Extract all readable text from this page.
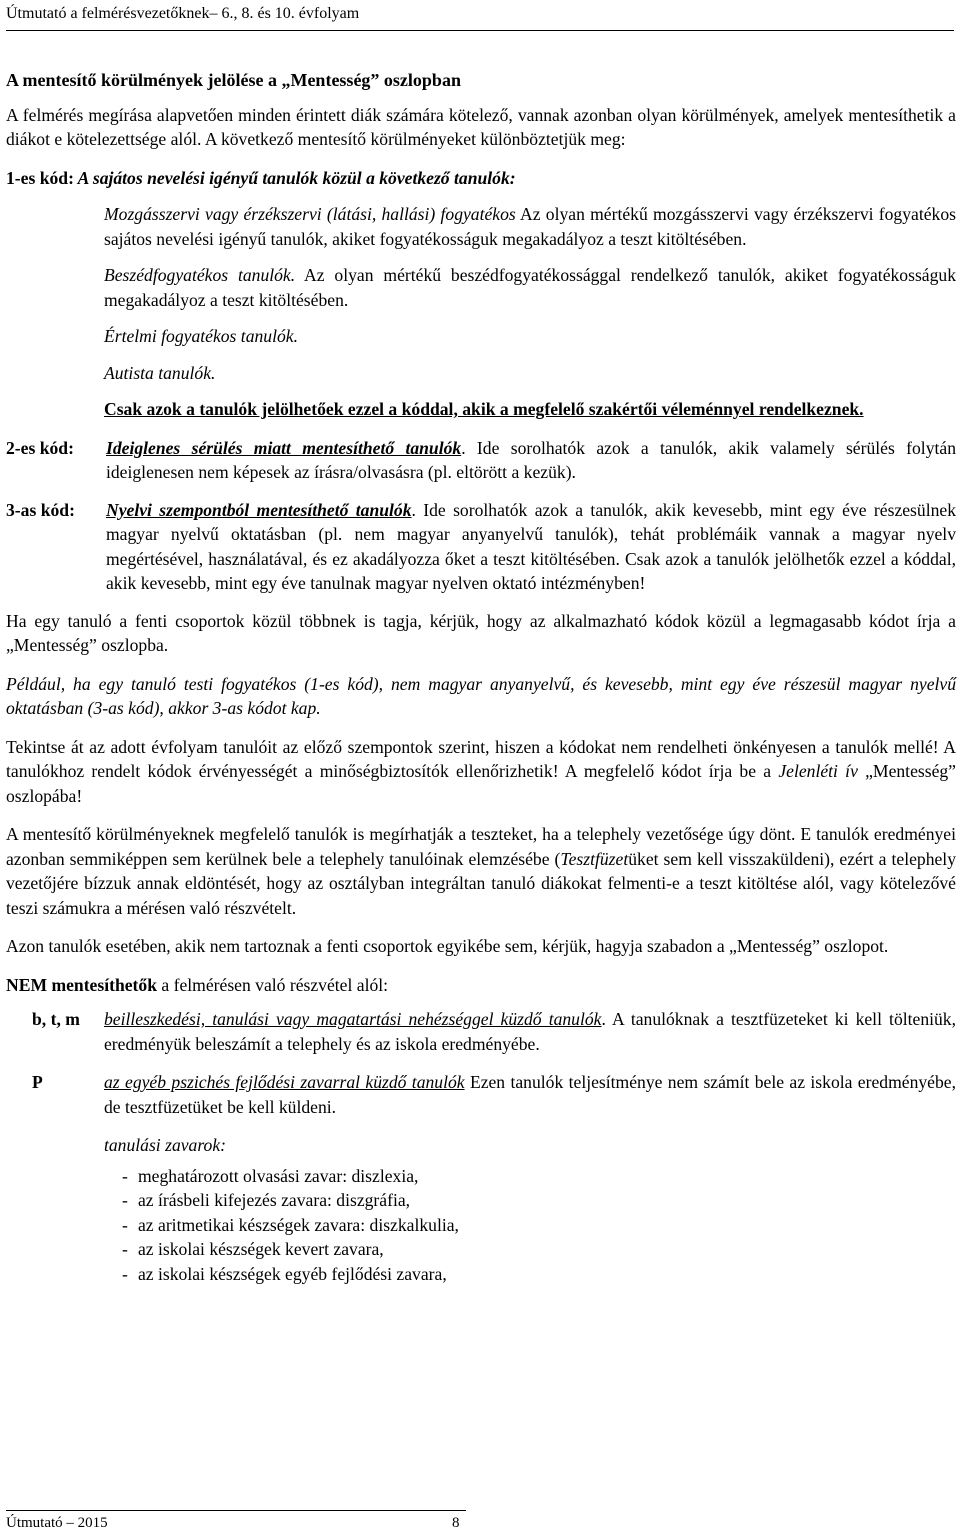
Útmutató a felmérésvezetőknek– 6., 8. és 10. évfolyam
A mentesítő körülmények jelölése a „Mentesség” oszlopban

A felmérés megírása alapvetően minden érintett diák számára kötelező, vannak azonban olyan körülmények, amelyek mentesíthetik a diákot e kötelezettsége alól. A következő mentesítő körülményeket különböztetjük meg:

1-es kód: A sajátos nevelési igényű tanulók közül a következő tanulók:
Mozgásszervi vagy érzékszervi (látási, hallási) fogyatékos Az olyan mértékű mozgásszervi vagy érzékszervi fogyatékos sajátos nevelési igényű tanulók, akiket fogyatékosságuk megakadályoz a teszt kitöltésében.
Beszédfogyatékos tanulók. Az olyan mértékű beszédfogyatékossággal rendelkező tanulók, akiket fogyatékosságuk megakadályoz a teszt kitöltésében.
Értelmi fogyatékos tanulók.
Autista tanulók.
Csak azok a tanulók jelölhetőek ezzel a kóddal, akik a megfelelő szakértői véleménnyel rendelkeznek.
2-es kód: Ideiglenes sérülés miatt mentesíthető tanulók. Ide sorolhatók azok a tanulók, akik valamely sérülés folytán ideiglenesen nem képesek az írásra/olvasásra (pl. eltörött a kezük).
3-as kód: Nyelvi szempontból mentesíthető tanulók. Ide sorolhatók azok a tanulók, akik kevesebb, mint egy éve részesülnek magyar nyelvű oktatásban (pl. nem magyar anyanyelvű tanulók), tehát problémáik vannak a magyar nyelv megértésével, használatával, és ez akadályozza őket a teszt kitöltésében. Csak azok a tanulók jelölhetők ezzel a kóddal, akik kevesebb, mint egy éve tanulnak magyar nyelven oktató intézményben!

Ha egy tanuló a fenti csoportok közül többnek is tagja, kérjük, hogy az alkalmazható kódok közül a legmagasabb kódot írja a „Mentesség” oszlopba.

Például, ha egy tanuló testi fogyatékos (1-es kód), nem magyar anyanyelvű, és kevesebb, mint egy éve részesül magyar nyelvű oktatásban (3-as kód), akkor 3-as kódot kap.

Tekintse át az adott évfolyam tanulóit az előző szempontok szerint, hiszen a kódokat nem rendelheti önkényesen a tanulók mellé! A tanulókhoz rendelt kódok érvényességét a minőségbiztosítók ellenőrizhetik! A megfelelő kódot írja be a Jelenléti ív „Mentesség” oszlopába!

A mentesítő körülményeknek megfelelő tanulók is megírhatják a teszteket, ha a telephely vezetősége úgy dönt. E tanulók eredményei azonban semmiképpen sem kerülnek bele a telephely tanulóinak elemzésébe (Tesztfüzetüket sem kell visszaküldeni), ezért a telephely vezetőjére bízzuk annak eldöntését, hogy az osztályban integráltan tanuló diákokat felmenti-e a teszt kitöltése alól, vagy kötelezővé teszi számukra a mérésen való részvételt.

Azon tanulók esetében, akik nem tartoznak a fenti csoportok egyikébe sem, kérjük, hagyja szabadon a „Mentesség” oszlopot.

NEM mentesíthetők a felmérésen való részvétel alól:
b, t, m beilleszkedési, tanulási vagy magatartási nehézséggel küzdő tanulók. A tanulóknak a tesztfüzeteket ki kell tölteniük, eredményük beleszámít a telephely és az iskola eredményébe.
P	az egyéb pszichés fejlődési zavarral küzdő tanulók Ezen tanulók teljesítménye nem számít bele az iskola eredményébe, de tesztfüzetüket be kell küldeni.
tanulási zavarok:
- meghatározott olvasási zavar: diszlexia,
- az írásbeli kifejezés zavara: diszgráfia,
- az aritmetikai készségek zavara: diszkalkulia,
- az iskolai készségek kevert zavara,
- az iskolai készségek egyéb fejlődési zavara,
Útmutató – 2015	8
